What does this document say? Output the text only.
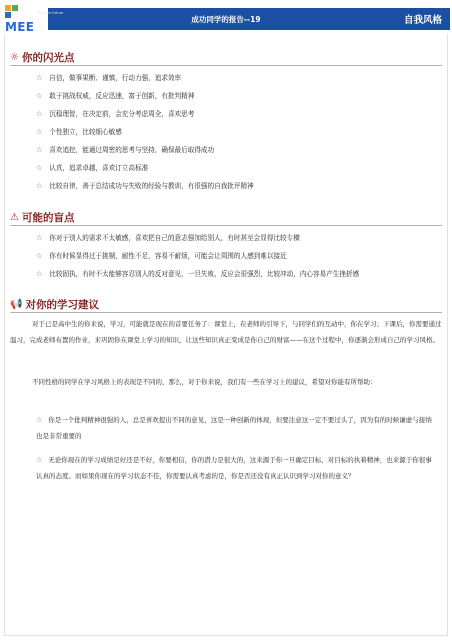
MEE
Wisdom Future
成功同学的报告--19	自我风格
☼ 你的闪光点
☆ 自信，做事果断、谨慎，行动力强，追求效率
☆ 敢于挑战权威，反应迅速，富于创新，有批判精神
☆ 沉稳理智，在决定前，会充分考虑周全，喜欢思考
☆ 个性独立，比较细心敏感
☆ 喜欢追挖，能通过周密的思考与坚持，确保最后取得成功
☆ 认真，追求卓越，喜欢订立高标准
☆ 比较自律，善于总结成功与失败的经验与教训，有很强的自我批评精神
⚠ 可能的盲点
☆ 你对于别人的需求不太敏感，喜欢把自己的意志强加给别人，有时甚至会显得比较专横
☆ 你有时候显得过于挑剔，耐性不足，容易不耐烦，可能会让周围的人感到难以接近
☆ 比较固执，有时不太能够容忍别人的反对意见，一旦失败，反应会很强烈，比较冲动，内心容易产生挫折感
📢 对你的学习建议
对于已是高中生的你来说，学习，可能就是现在的首要任务了：课堂上，在老师的引导下，与同学们的互动中，你在学习；下课后，你需要通过温习，完成老师布置的作业，来巩固你在课堂上学习的知识，让这些知识真正变成是你自己的财富——在这个过程中，你逐渐会形成自己的学习风格。
不同性格的同学在学习风格上的表现是不同的，那么，对于你来说，我们有一些在学习上的建议，希望对你能有所帮助：
☆ 你是一个批判精神很强的人，总是喜欢提出不同的意见，这是一种创新的体现，但要注意这一定不要过头了，因为有的时候谦虚与接纳也是非常重要的
☆ 无论你现在的学习成绩是好还是不好，你要相信，你的潜力是很大的，这来源于你一旦确定目标，对目标的执着精神，也来源于你很事认真的态度。而如果你现在的学习状态不佳，你需要认真考虑的是，你是否还没有真正认识到学习对你的意义？
